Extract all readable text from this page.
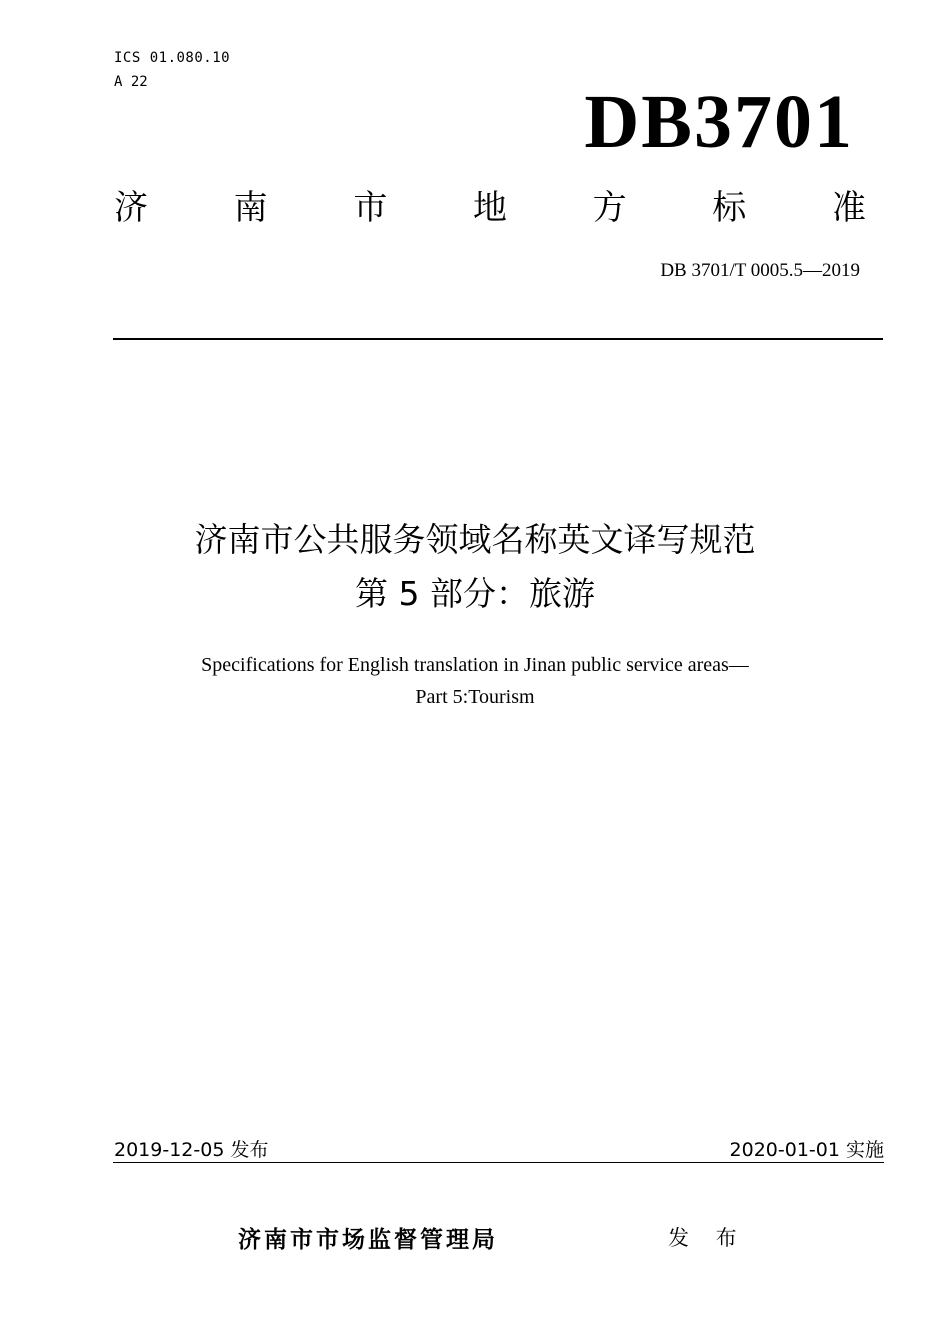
ICS 01.080.10
A 22	DB3701
济	南	市	地	方	标	准
DB 3701/T 0005.5—2019
济南市公共服务领域名称英文译写规范
第 5 部分：旅游
Specifications for English translation in Jinan public service areas—
Part 5:Tourism
2019-12-05 发布	2020-01-01 实施
济南市市场监督管理局	发 布
